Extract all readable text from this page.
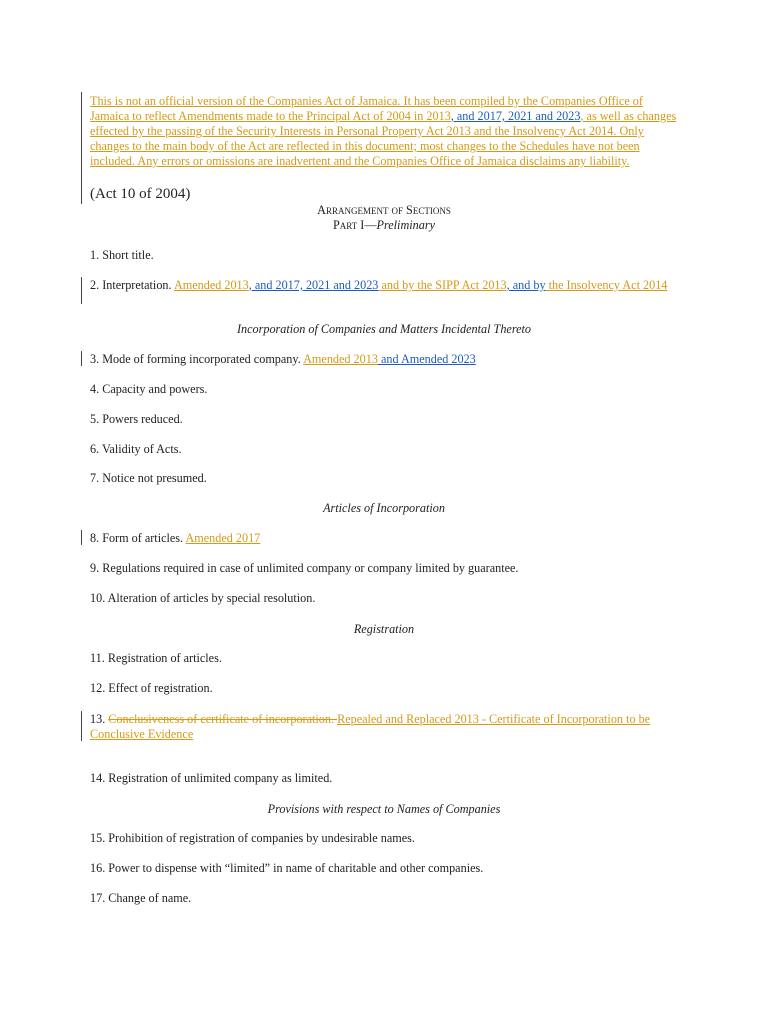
This is not an official version of the Companies Act of Jamaica. It has been compiled by the Companies Office of Jamaica to reflect Amendments made to the Principal Act of 2004 in 2013, and 2017, 2021 and 2023, as well as changes effected by the passing of the Security Interests in Personal Property Act 2013 and the Insolvency Act 2014. Only changes to the main body of the Act are reflected in this document; most changes to the Schedules have not been included. Any errors or omissions are inadvertent and the Companies Office of Jamaica disclaims any liability.
(Act 10 of 2004)
Arrangement of Sections
Part I—Preliminary
1. Short title.
2. Interpretation. Amended 2013, and 2017, 2021 and 2023 and by the SIPP Act 2013, and by the Insolvency Act 2014
Incorporation of Companies and Matters Incidental Thereto
3. Mode of forming incorporated company. Amended 2013 and Amended 2023
4. Capacity and powers.
5. Powers reduced.
6. Validity of Acts.
7. Notice not presumed.
Articles of Incorporation
8. Form of articles. Amended 2017
9. Regulations required in case of unlimited company or company limited by guarantee.
10. Alteration of articles by special resolution.
Registration
11. Registration of articles.
12. Effect of registration.
13. Conclusiveness of certificate of incorporation. Repealed and Replaced 2013 - Certificate of Incorporation to be Conclusive Evidence
14. Registration of unlimited company as limited.
Provisions with respect to Names of Companies
15. Prohibition of registration of companies by undesirable names.
16. Power to dispense with “limited” in name of charitable and other companies.
17. Change of name.
